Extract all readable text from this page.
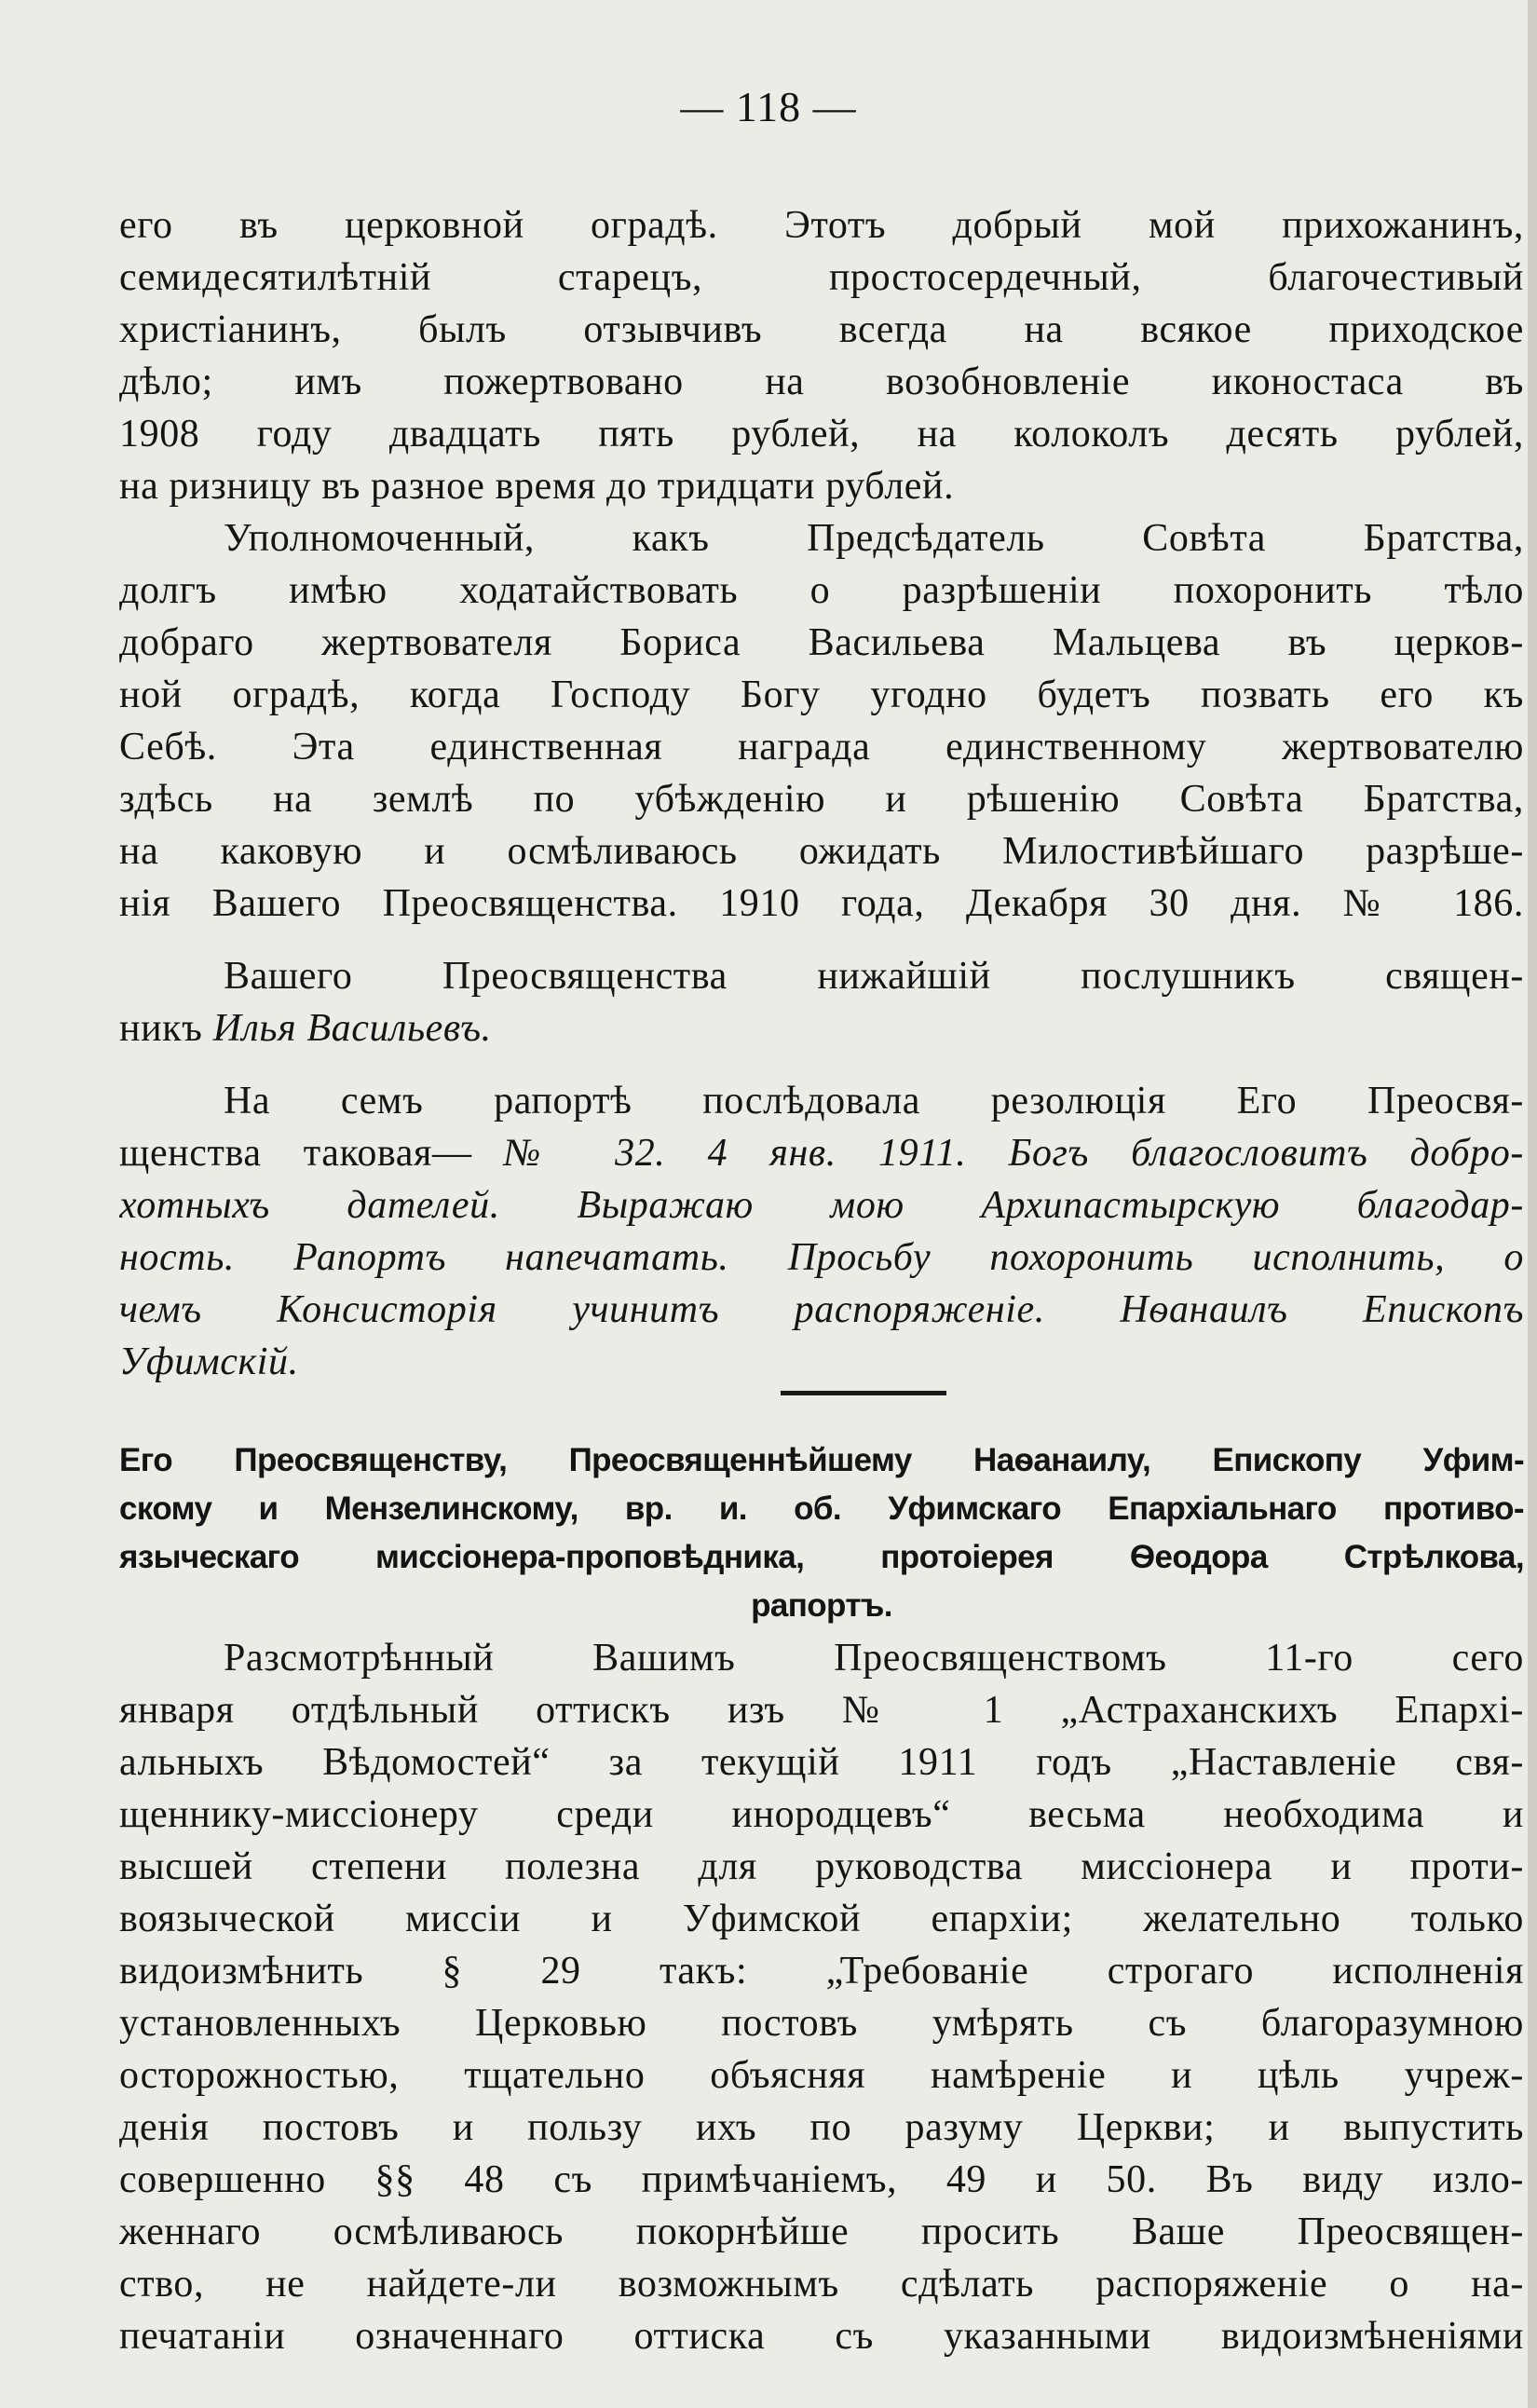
— 118 —
его въ церковной оградѣ. Этотъ добрый мой прихожанинъ,
семидесятилѣтній старецъ, простосердечный, благочестивый
христіанинъ, былъ отзывчивъ всегда на всякое приходское
дѣло; имъ пожертвовано на возобновленіе иконостаса въ
1908 году двадцать пять рублей, на колоколъ десять рублей,
на ризницу въ разное время до тридцати рублей.
Уполномоченный, какъ Предсѣдатель Совѣта Братства,
долгъ имѣю ходатайствовать о разрѣшеніи похоронить тѣло
добраго жертвователя Бориса Васильева Мальцева въ церков-
ной оградѣ, когда Господу Богу угодно будетъ позвать его къ
Себѣ. Эта единственная награда единственному жертвователю
здѣсь на землѣ по убѣжденію и рѣшенію Совѣта Братства,
на каковую и осмѣливаюсь ожидать Милостивѣйшаго разрѣше-
нія Вашего Преосвященства. 1910 года, Декабря 30 дня. № 186.
Вашего Преосвященства нижайшій послушникъ священ-
никъ Илья Васильевъ.
На семъ рапортѣ послѣдовала резолюція Его Преосвя-
щенства таковая—№ 32. 4 янв. 1911. Богъ благословитъ добро-
хотныхъ дателей. Выражаю мою Архипастырскую благодар-
ность. Рапортъ напечатать. Просьбу похоронить исполнить, о
чемъ Консисторія учинитъ распоряженіе. Нѳанаилъ Епископъ
Уфимскій.
Его Преосвященству, Преосвященнѣйшему Наѳанаилу, Епископу Уфим-
скому и Мензелинскому, вр. и. об. Уфимскаго Епархіальнаго противо-
языческаго миссіонера-проповѣдника, протоіерея Ѳеодора Стрѣлкова,
рапортъ.
Разсмотрѣнный Вашимъ Преосвященствомъ 11-го сего
января отдѣльный оттискъ изъ № 1 „Астраханскихъ Епархі-
альныхъ Вѣдомостей“ за текущій 1911 годъ „Наставленіе свя-
щеннику-миссіонеру среди инородцевъ“ весьма необходима и
высшей степени полезна для руководства миссіонера и проти-
воязыческой миссіи и Уфимской епархіи; желательно только
видоизмѣнить § 29 такъ: „Требованіе строгаго исполненія
установленныхъ Церковью постовъ умѣрять съ благоразумною
осторожностью, тщательно объясняя намѣреніе и цѣль учреж-
денія постовъ и пользу ихъ по разуму Церкви; и выпустить
совершенно §§ 48 съ примѣчаніемъ, 49 и 50. Въ виду изло-
женнаго осмѣливаюсь покорнѣйше просить Ваше Преосвящен-
ство, не найдете-ли возможнымъ сдѣлать распоряженіе о на-
печатаніи означеннаго оттиска съ указанными видоизмѣненіями
